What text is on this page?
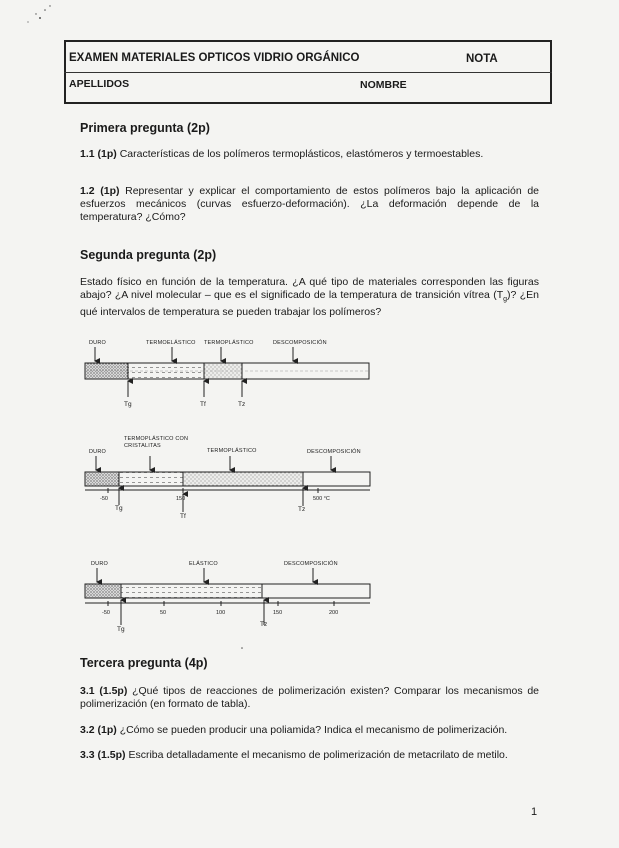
EXAMEN MATERIALES OPTICOS VIDRIO ORGÁNICO	NOTA
APELLIDOS	NOMBRE
Primera pregunta (2p)
1.1 (1p) Características de los polímeros termoplásticos, elastómeros y termoestables.
1.2 (1p) Representar y explicar el comportamiento de estos polímeros bajo la aplicación de esfuerzos mecánicos (curvas esfuerzo-deformación). ¿La deformación depende de la temperatura? ¿Cómo?
Segunda pregunta (2p)
Estado físico en función de la temperatura. ¿A qué tipo de materiales corresponden las figuras abajo? ¿A nivel molecular – que es el significado de la temperatura de transición vítrea $(T_g)$? ¿En qué intervalos de temperatura se pueden trabajar los polímeros?
DURO	TERMOELÁSTICO TERMOPLÁSTICO	DESCOMPOSICIÓN
Tg	Tf	Tz
DURO
TERMOPLÁSTICO CON CRISTALITAS
TERMOPLÁSTICO	DESCOMPOSICIÓN
-50	150	500 °C
Tg
Tf
Tz
DURO	ELÁSTICO	DESCOMPOSICIÓN
-50	50	100	150	200
Tg
Tz
Tercera pregunta (4p)
3.1 (1.5p) ¿Qué tipos de reacciones de polimerización existen? Comparar los mecanismos de polimerización (en formato de tabla).
3.2 (1p) ¿Cómo se pueden producir una poliamida? Indica el mecanismo de polimerización.
3.3 (1.5p) Escriba detalladamente el mecanismo de polimerización de metacrilato de metilo.
1
